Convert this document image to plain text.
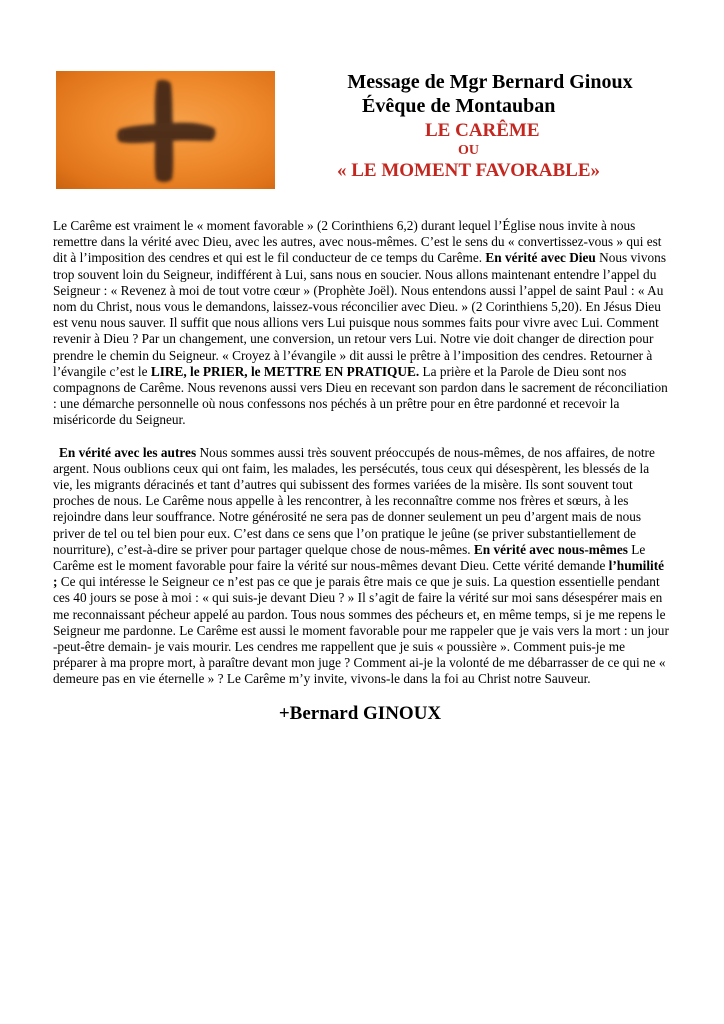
Message de Mgr Bernard Ginoux
Évêque de Montauban
LE CARÊME
OU
« LE MOMENT FAVORABLE»

Le Carême est vraiment le « moment favorable » (2 Corinthiens 6,2) durant lequel l’Église nous invite à nous remettre dans la vérité avec Dieu, avec les autres, avec nous-mêmes. C’est le sens du « convertissez-vous » qui est dit à l’imposition des cendres et qui est le fil conducteur de ce temps du Carême. En vérité avec Dieu Nous vivons trop souvent loin du Seigneur, indifférent à Lui, sans nous en soucier. Nous allons maintenant entendre l’appel du Seigneur : « Revenez à moi de tout votre cœur » (Prophète Joël). Nous entendons aussi l’appel de saint Paul : « Au nom du Christ, nous vous le demandons, laissez-vous réconcilier avec Dieu. » (2 Corinthiens 5,20). En Jésus Dieu est venu nous sauver. Il suffit que nous allions vers Lui puisque nous sommes faits pour vivre avec Lui. Comment revenir à Dieu ? Par un changement, une conversion, un retour vers Lui. Notre vie doit changer de direction pour prendre le chemin du Seigneur. « Croyez à l’évangile » dit aussi le prêtre à l’imposition des cendres. Retourner à l’évangile c’est le LIRE, le PRIER, le METTRE EN PRATIQUE. La prière et la Parole de Dieu sont nos compagnons de Carême. Nous revenons aussi vers Dieu en recevant son pardon dans le sacrement de réconciliation : une démarche personnelle où nous confessons nos péchés à un prêtre pour en être pardonné et recevoir la miséricorde du Seigneur.

En vérité avec les autres Nous sommes aussi très souvent préoccupés de nous-mêmes, de nos affaires, de notre argent. Nous oublions ceux qui ont faim, les malades, les persécutés, tous ceux qui désespèrent, les blessés de la vie, les migrants déracinés et tant d’autres qui subissent des formes variées de la misère. Ils sont souvent tout proches de nous. Le Carême nous appelle à les rencontrer, à les reconnaître comme nos frères et sœurs, à les rejoindre dans leur souffrance. Notre générosité ne sera pas de donner seulement un peu d’argent mais de nous priver de tel ou tel bien pour eux. C’est dans ce sens que l’on pratique le jeûne (se priver substantiellement de nourriture), c’est-à-dire se priver pour partager quelque chose de nous-mêmes. En vérité avec nous-mêmes Le Carême est le moment favorable pour faire la vérité sur nous-mêmes devant Dieu. Cette vérité demande l’humilité ; Ce qui intéresse le Seigneur ce n’est pas ce que je parais être mais ce que je suis. La question essentielle pendant ces 40 jours se pose à moi : « qui suis-je devant Dieu ? » Il s’agit de faire la vérité sur moi sans désespérer mais en me reconnaissant pécheur appelé au pardon. Tous nous sommes des pécheurs et, en même temps, si je me repens le Seigneur me pardonne. Le Carême est aussi le moment favorable pour me rappeler que je vais vers la mort : un jour -peut-être demain- je vais mourir. Les cendres me rappellent que je suis « poussière ». Comment puis-je me préparer à ma propre mort, à paraître devant mon juge ? Comment ai-je la volonté de me débarrasser de ce qui ne « demeure pas en vie éternelle » ? Le Carême m’y invite, vivons-le dans la foi au Christ notre Sauveur.

+Bernard GINOUX
